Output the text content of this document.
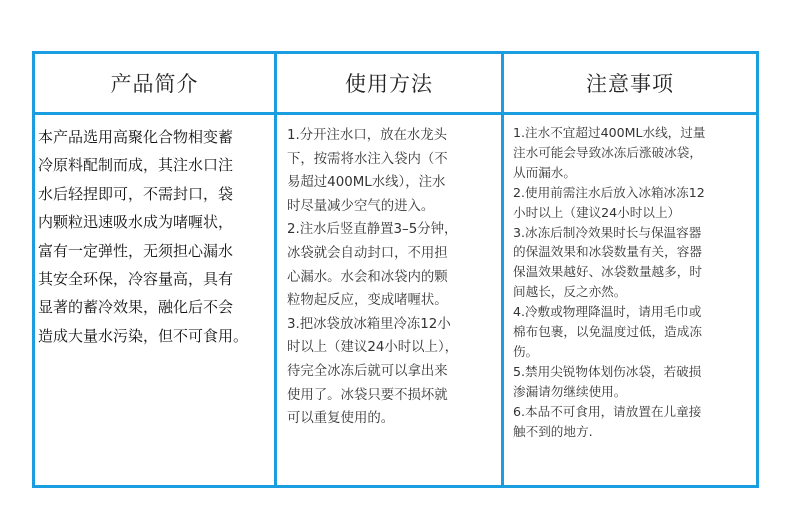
产品简介	使用方法	注意事项
本产品选用高聚化合物相变蓄
冷原料配制而成，其注水口注
水后轻捏即可，不需封口，袋
内颗粒迅速吸水成为啫喱状，
富有一定弹性，无须担心漏水
其安全环保，冷容量高，具有
显著的蓄冷效果，融化后不会
造成大量水污染，但不可食用。
1.分开注水口，放在水龙头
下，按需将水注入袋内（不
易超过400ML水线），注水
时尽量减少空气的进入。
2.注水后竖直静置3–5分钟，
冰袋就会自动封口，不用担
心漏水。水会和冰袋内的颗
粒物起反应，变成啫喱状。
3.把冰袋放冰箱里冷冻12小
时以上（建议24小时以上），
待完全冰冻后就可以拿出来
使用了。冰袋只要不损坏就
可以重复使用的。
1.注水不宜超过400ML水线，过量
注水可能会导致冰冻后涨破冰袋，
从而漏水。
2.使用前需注水后放入冰箱冰冻12
小时以上（建议24小时以上）
3.冰冻后制冷效果时长与保温容器
的保温效果和冰袋数量有关，容器
保温效果越好、冰袋数量越多，时
间越长，反之亦然。
4.冷敷或物理降温时，请用毛巾或
棉布包裹，以免温度过低，造成冻
伤。
5.禁用尖锐物体划伤冰袋，若破损
渗漏请勿继续使用。
6.本品不可食用，请放置在儿童接
触不到的地方.
